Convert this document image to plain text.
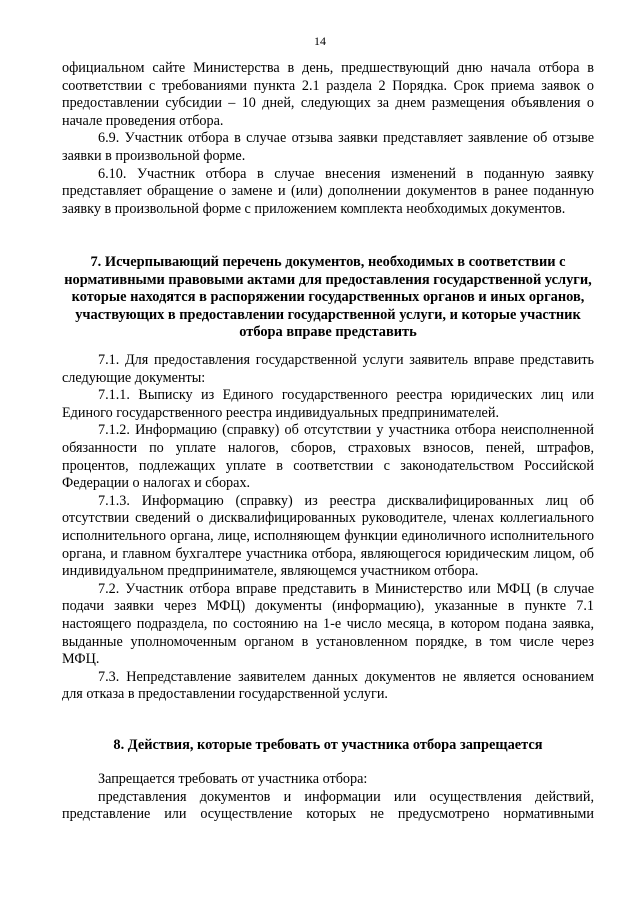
14

официальном сайте Министерства в день, предшествующий дню начала отбора в соответствии с требованиями пункта 2.1 раздела 2 Порядка. Срок приема заявок о предоставлении субсидии – 10 дней, следующих за днем размещения объявления о начале проведения отбора.

6.9. Участник отбора в случае отзыва заявки представляет заявление об отзыве заявки в произвольной форме.

6.10. Участник отбора в случае внесения изменений в поданную заявку представляет обращение о замене и (или) дополнении документов в ранее поданную заявку в произвольной форме с приложением комплекта необходимых документов.

7. Исчерпывающий перечень документов, необходимых в соответствии с нормативными правовыми актами для предоставления государственной услуги, которые находятся в распоряжении государственных органов и иных органов, участвующих в предоставлении государственной услуги, и которые участник отбора вправе представить

7.1. Для предоставления государственной услуги заявитель вправе представить следующие документы:

7.1.1. Выписку из Единого государственного реестра юридических лиц или Единого государственного реестра индивидуальных предпринимателей.

7.1.2. Информацию (справку) об отсутствии у участника отбора неисполненной обязанности по уплате налогов, сборов, страховых взносов, пеней, штрафов, процентов, подлежащих уплате в соответствии с законодательством Российской Федерации о налогах и сборах.

7.1.3. Информацию (справку) из реестра дисквалифицированных лиц об отсутствии сведений о дисквалифицированных руководителе, членах коллегиального исполнительного органа, лице, исполняющем функции единоличного исполнительного органа, и главном бухгалтере участника отбора, являющегося юридическим лицом, об индивидуальном предпринимателе, являющемся участником отбора.

7.2. Участник отбора вправе представить в Министерство или МФЦ (в случае подачи заявки через МФЦ) документы (информацию), указанные в пункте 7.1 настоящего подраздела, по состоянию на 1-е число месяца, в котором подана заявка, выданные уполномоченным органом в установленном порядке, в том числе через МФЦ.

7.3. Непредставление заявителем данных документов не является основанием для отказа в предоставлении государственной услуги.

8. Действия, которые требовать от участника отбора запрещается

Запрещается требовать от участника отбора:

представления документов и информации или осуществления действий, представление или осуществление которых не предусмотрено нормативными
